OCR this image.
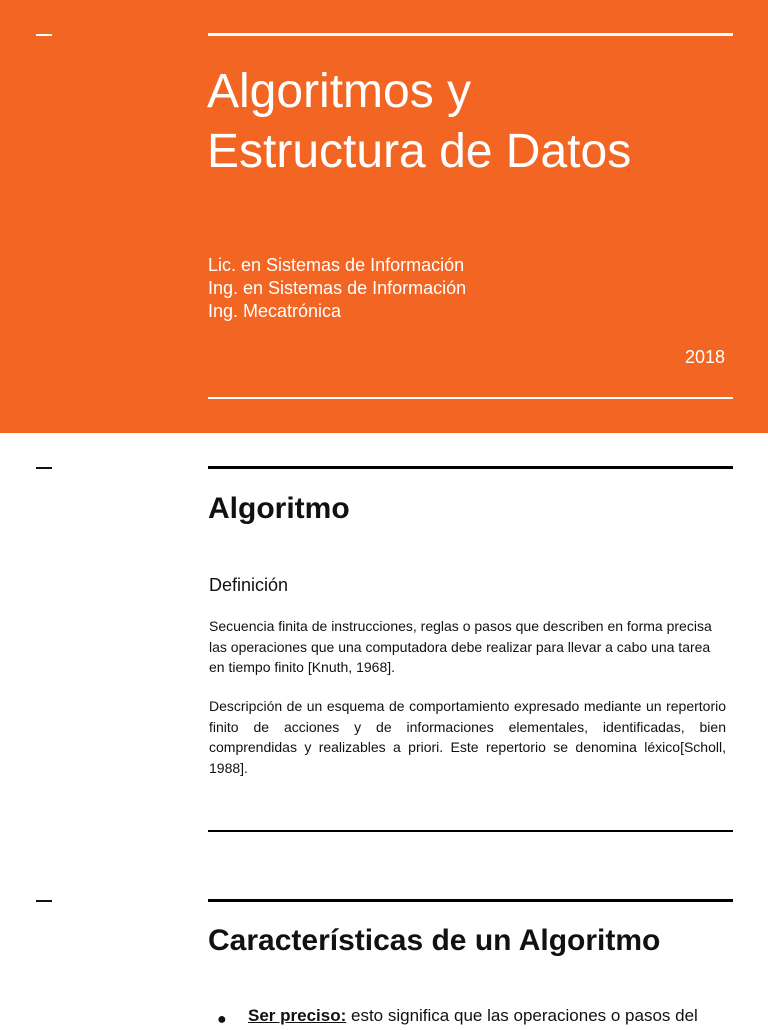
Algoritmos y
Estructura de Datos
Lic. en Sistemas de Información
Ing. en Sistemas de Información
Ing. Mecatrónica
2018
Algoritmo
Definición

Secuencia finita de instrucciones, reglas o pasos que describen en forma precisa las operaciones que una computadora debe realizar para llevar a cabo una tarea en tiempo finito [Knuth, 1968].

Descripción de un esquema de comportamiento expresado mediante un repertorio finito de acciones y de informaciones elementales, identificadas, bien comprendidas y realizables a priori. Este repertorio se denomina léxico[Scholl, 1988].

Características de un Algoritmo
● Ser preciso: esto significa que las operaciones o pasos del
